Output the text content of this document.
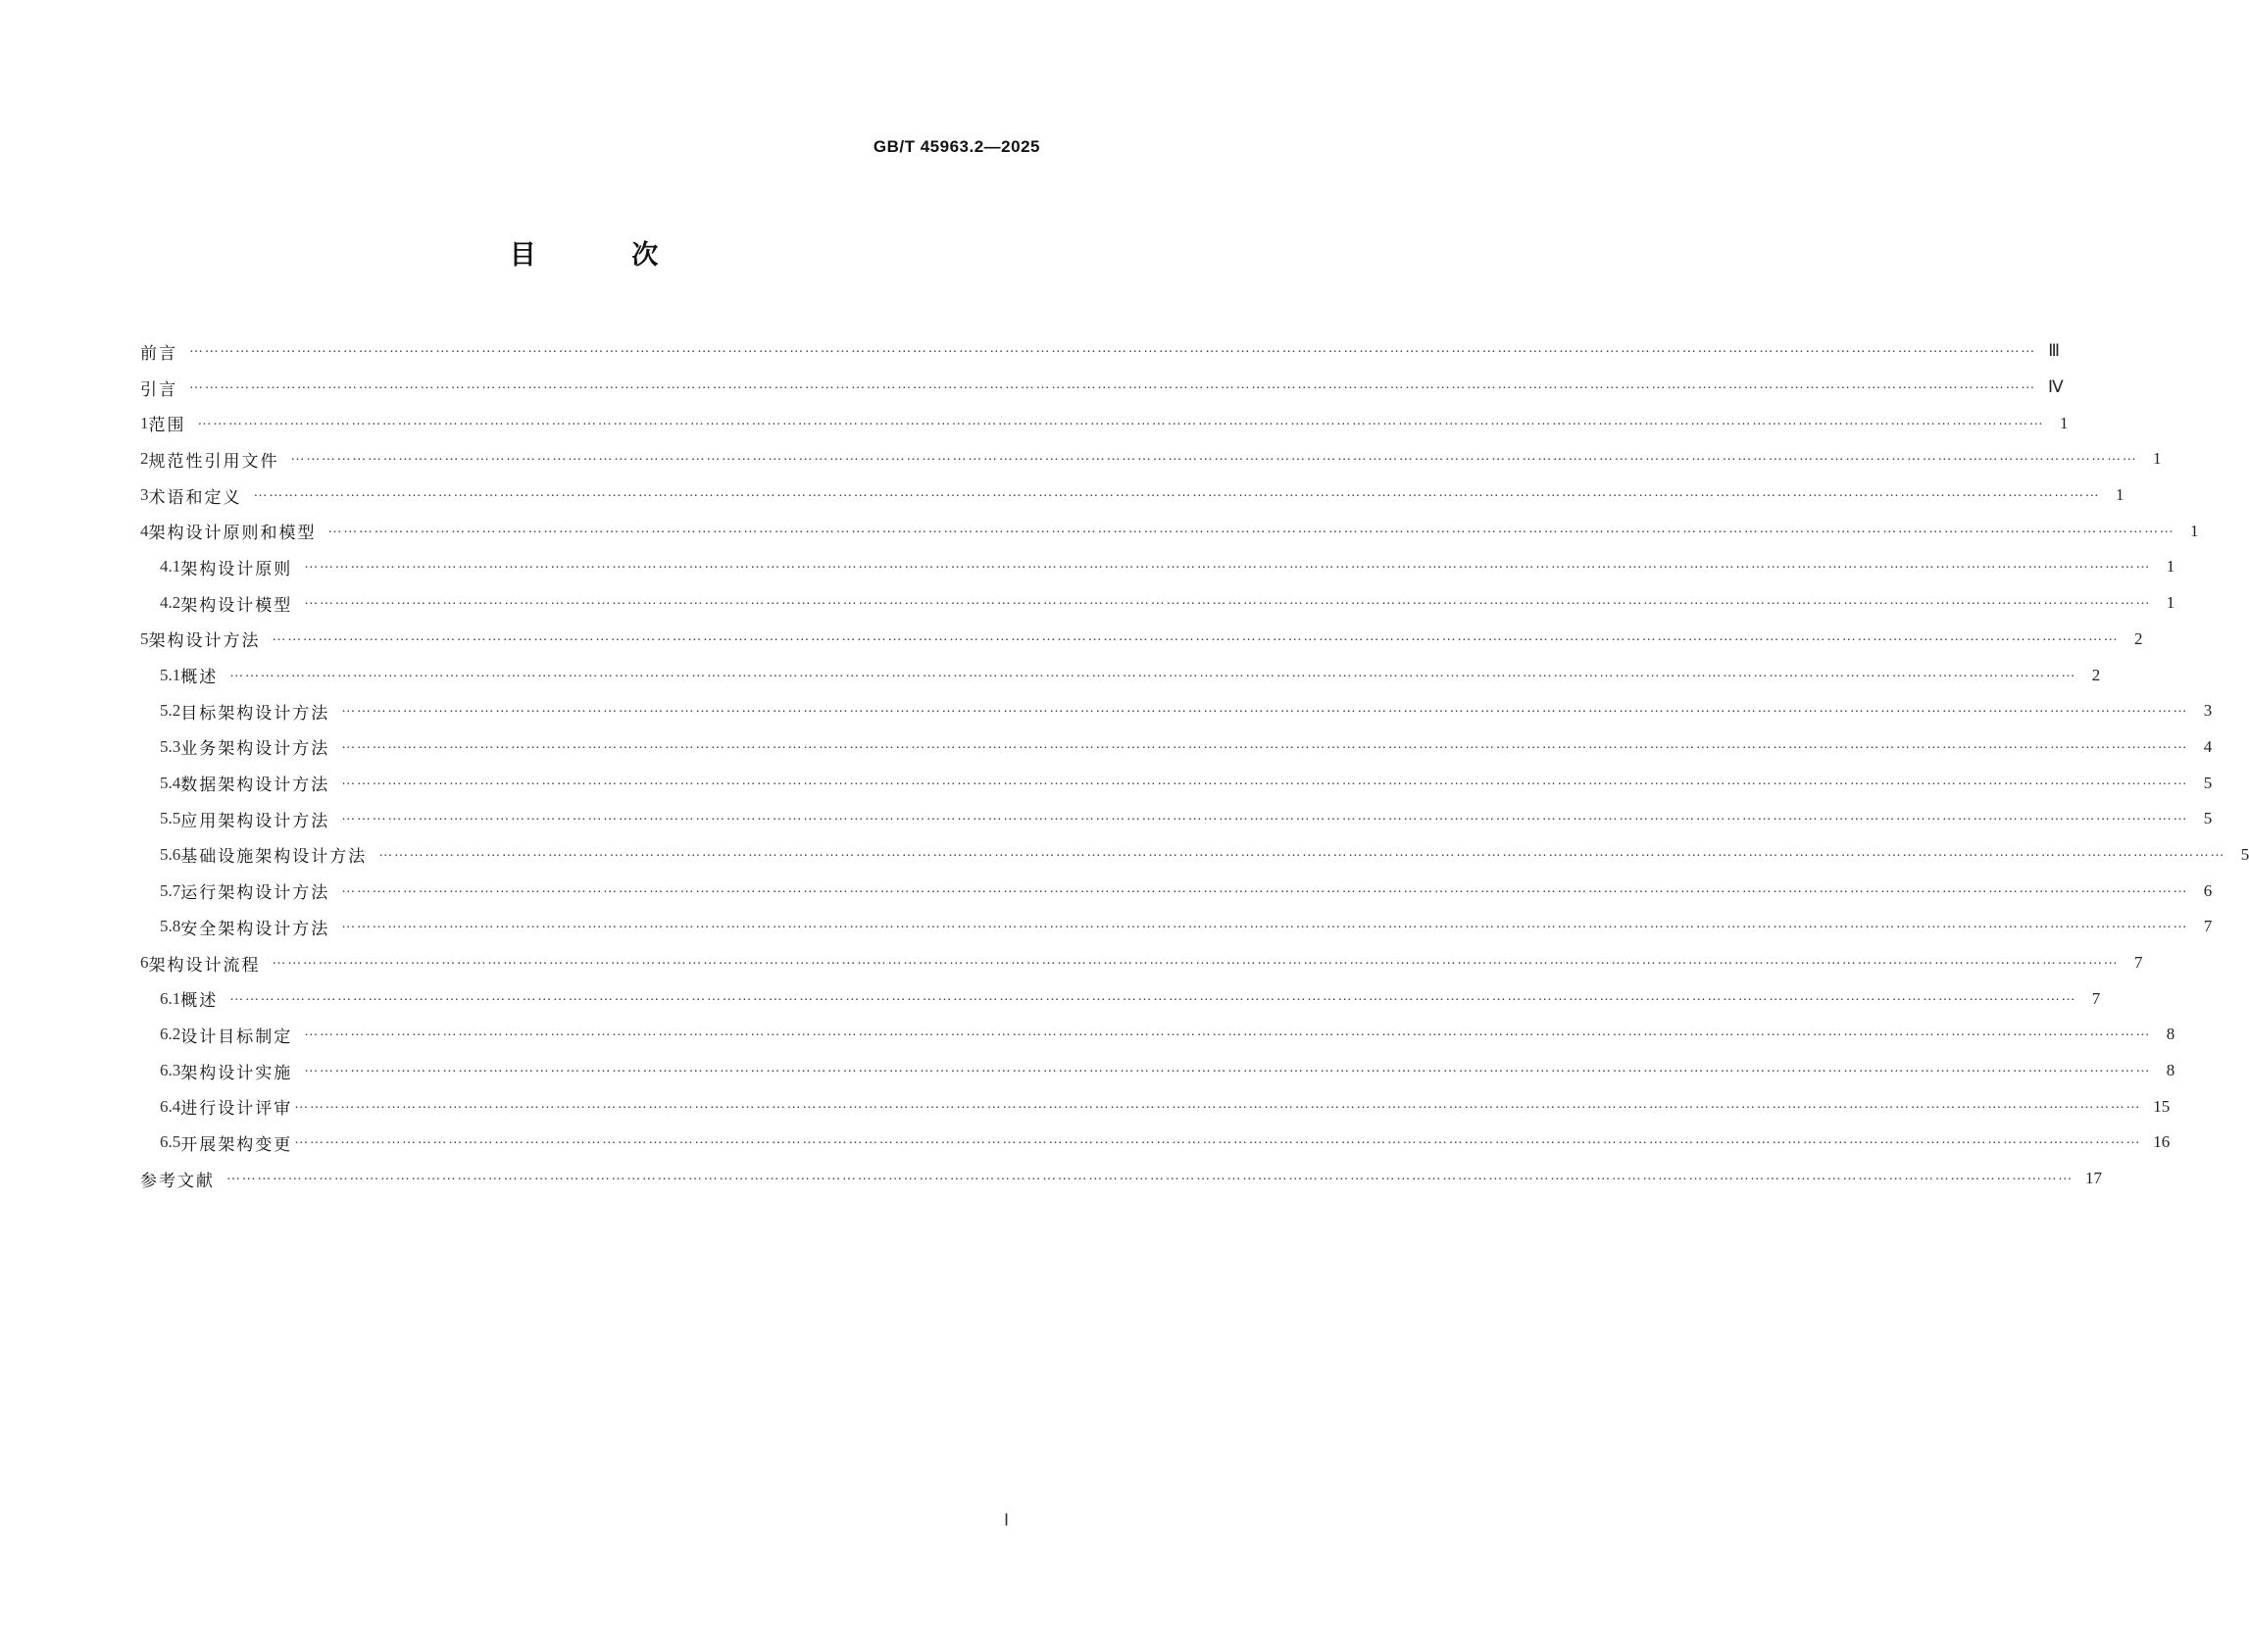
GB/T 45963.2—2025
目 次
前言 ……………………………………………………………………………………………………………………………………………………………………………………………………………………………………………………………………………………………………………………………… Ⅲ
引言 ……………………………………………………………………………………………………………………………………………………………………………………………………………………………………………………………………………………………………………………………… Ⅳ
1 范围 ……………………………………………………………………………………………………………………………………………………………………………………………………………………………………………………………………………………………………………………………… 1
2 规范性引用文件 ……………………………………………………………………………………………………………………………………………………………………………………………………………………………………………………………………………………………………………………………… 1
3 术语和定义 ……………………………………………………………………………………………………………………………………………………………………………………………………………………………………………………………………………………………………………………………… 1
4 架构设计原则和模型 ……………………………………………………………………………………………………………………………………………………………………………………………………………………………………………………………………………………………………………………………… 1
4.1 架构设计原则 ……………………………………………………………………………………………………………………………………………………………………………………………………………………………………………………………………………………………………………………………… 1
4.2 架构设计模型 ……………………………………………………………………………………………………………………………………………………………………………………………………………………………………………………………………………………………………………………………… 1
5 架构设计方法 ……………………………………………………………………………………………………………………………………………………………………………………………………………………………………………………………………………………………………………………………… 2
5.1 概述 ……………………………………………………………………………………………………………………………………………………………………………………………………………………………………………………………………………………………………………………………… 2
5.2 目标架构设计方法 ……………………………………………………………………………………………………………………………………………………………………………………………………………………………………………………………………………………………………………………………… 3
5.3 业务架构设计方法 ……………………………………………………………………………………………………………………………………………………………………………………………………………………………………………………………………………………………………………………………… 4
5.4 数据架构设计方法 ……………………………………………………………………………………………………………………………………………………………………………………………………………………………………………………………………………………………………………………………… 5
5.5 应用架构设计方法 ……………………………………………………………………………………………………………………………………………………………………………………………………………………………………………………………………………………………………………………………… 5
5.6 基础设施架构设计方法 ……………………………………………………………………………………………………………………………………………………………………………………………………………………………………………………………………………………………………………………………… 5
5.7 运行架构设计方法 ……………………………………………………………………………………………………………………………………………………………………………………………………………………………………………………………………………………………………………………………… 6
5.8 安全架构设计方法 ……………………………………………………………………………………………………………………………………………………………………………………………………………………………………………………………………………………………………………………………… 7
6 架构设计流程 ……………………………………………………………………………………………………………………………………………………………………………………………………………………………………………………………………………………………………………………………… 7
6.1 概述 ……………………………………………………………………………………………………………………………………………………………………………………………………………………………………………………………………………………………………………………………… 7
6.2 设计目标制定 ……………………………………………………………………………………………………………………………………………………………………………………………………………………………………………………………………………………………………………………………… 8
6.3 架构设计实施 ……………………………………………………………………………………………………………………………………………………………………………………………………………………………………………………………………………………………………………………………… 8
6.4 进行设计评审 ……………………………………………………………………………………………………………………………………………………………………………………………………………………………………………………………………………………………………………………………… 15
6.5 开展架构变更 ……………………………………………………………………………………………………………………………………………………………………………………………………………………………………………………………………………………………………………………………… 16
参考文献 ……………………………………………………………………………………………………………………………………………………………………………………………………………………………………………………………………………………………………………………………… 17
Ⅰ
